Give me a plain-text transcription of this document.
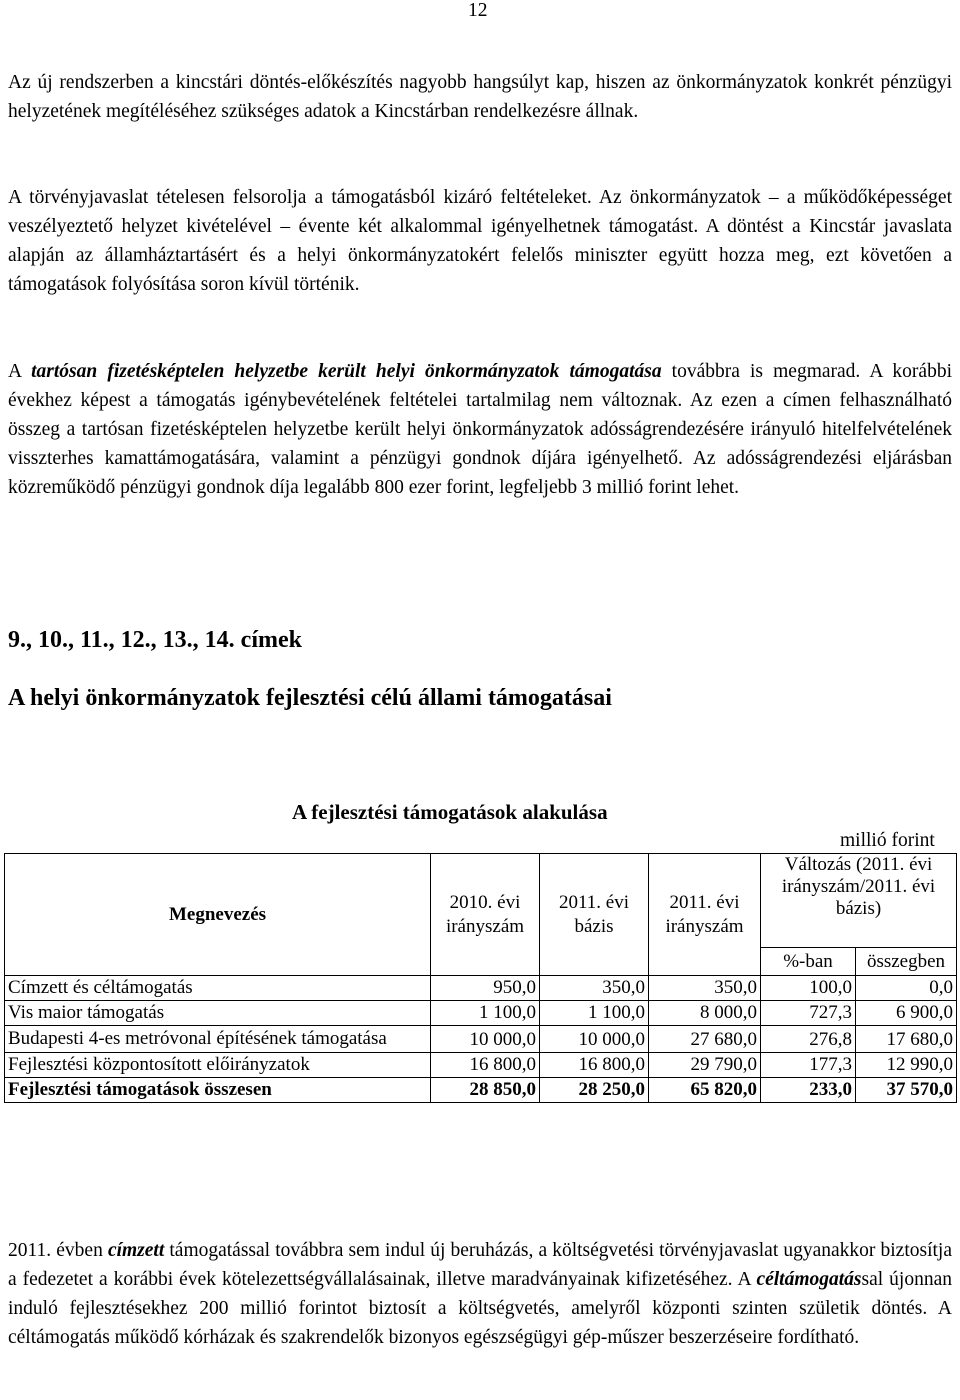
12

Az új rendszerben a kincstári döntés-előkészítés nagyobb hangsúlyt kap, hiszen az önkormányzatok konkrét pénzügyi helyzetének megítéléséhez szükséges adatok a Kincstárban rendelkezésre állnak.

A törvényjavaslat tételesen felsorolja a támogatásból kizáró feltételeket. Az önkormányzatok – a működőképességet veszélyeztető helyzet kivételével – évente két alkalommal igényelhetnek támogatást. A döntést a Kincstár javaslata alapján az államháztartásért és a helyi önkormányzatokért felelős miniszter együtt hozza meg, ezt követően a támogatások folyósítása soron kívül történik.

A tartósan fizetésképtelen helyzetbe került helyi önkormányzatok támogatása továbbra is megmarad. A korábbi évekhez képest a támogatás igénybevételének feltételei tartalmilag nem változnak. Az ezen a címen felhasználható összeg a tartósan fizetésképtelen helyzetbe került helyi önkormányzatok adósságrendezésére irányuló hitelfelvételének visszterhes kamattámogatására, valamint a pénzügyi gondnok díjára igényelhető. Az adósságrendezési eljárásban közreműködő pénzügyi gondnok díja legalább 800 ezer forint, legfeljebb 3 millió forint lehet.

9., 10., 11., 12., 13., 14. címek
A helyi önkormányzatok fejlesztési célú állami támogatásai
A fejlesztési támogatások alakulása
millió forint
Megnevezés	2010. évi irányszám	2011. évi bázis	2011. évi irányszám	Változás (2011. évi irányszám/2011. évi bázis)	
				%-ban	összegben
Címzett és céltámogatás	950,0	350,0	350,0	100,0	0,0
Vis maior támogatás	1 100,0	1 100,0	8 000,0	727,3	6 900,0
Budapesti 4-es metróvonal építésének támogatása	10 000,0	10 000,0	27 680,0	276,8	17 680,0
Fejlesztési központosított előirányzatok	16 800,0	16 800,0	29 790,0	177,3	12 990,0
Fejlesztési támogatások összesen	28 850,0	28 250,0	65 820,0	233,0	37 570,0

2011. évben címzett támogatással továbbra sem indul új beruházás, a költségvetési törvényjavaslat ugyanakkor biztosítja a fedezetet a korábbi évek kötelezettségvállalásainak, illetve maradványainak kifizetéséhez. A céltámogatással újonnan induló fejlesztésekhez 200 millió forintot biztosít a költségvetés, amelyről központi szinten születik döntés. A céltámogatás működő kórházak és szakrendelők bizonyos egészségügyi gép-műszer beszerzéseire fordítható.
